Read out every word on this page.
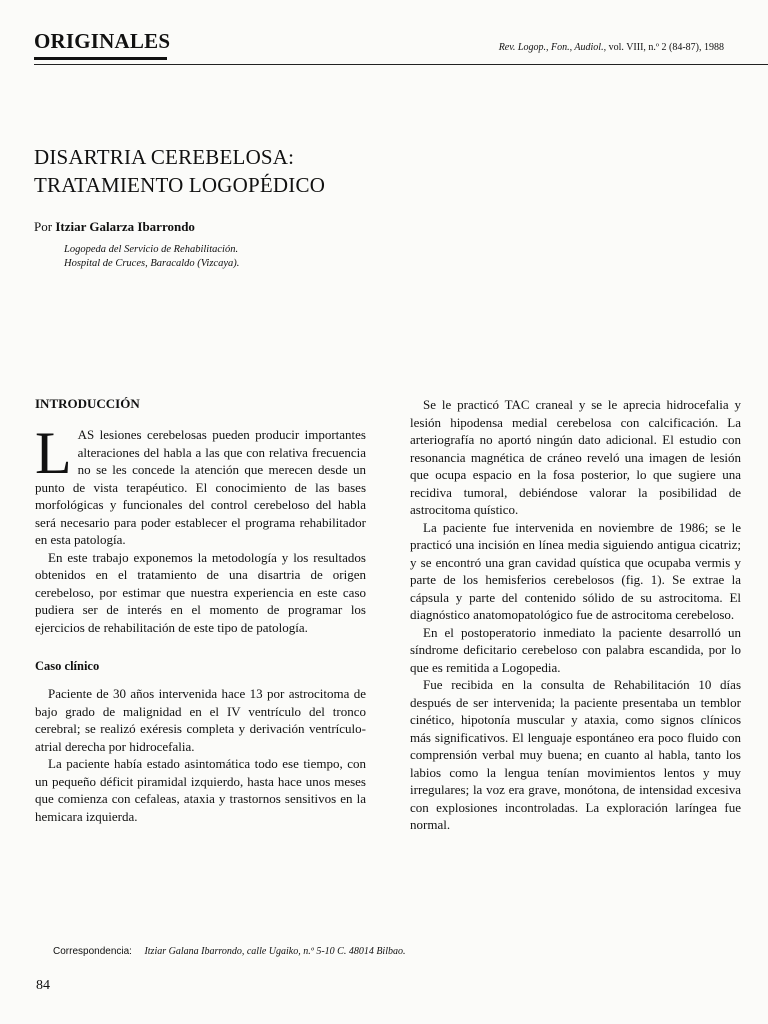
ORIGINALES	Rev. Logop., Fon., Audiol., vol. VIII, n.º 2 (84-87), 1988
DISARTRIA CEREBELOSA:
TRATAMIENTO LOGOPÉDICO
Por Itziar Galarza Ibarrondo
Logopeda del Servicio de Rehabilitación.
Hospital de Cruces, Baracaldo (Vizcaya).
INTRODUCCIÓN

LAS lesiones cerebelosas pueden producir importantes alteraciones del habla a las que con relativa frecuencia no se les concede la atención que merecen desde un punto de vista terapéutico. El conocimiento de las bases morfológicas y funcionales del control cerebeloso del habla será necesario para poder establecer el programa rehabilitador en esta patología.

En este trabajo exponemos la metodología y los resultados obtenidos en el tratamiento de una disartria de origen cerebeloso, por estimar que nuestra experiencia en este caso pudiera ser de interés en el momento de programar los ejercicios de rehabilitación de este tipo de patología.

Caso clínico

Paciente de 30 años intervenida hace 13 por astrocitoma de bajo grado de malignidad en el IV ventrículo del tronco cerebral; se realizó exéresis completa y derivación ventrículo-atrial derecha por hidrocefalia.

La paciente había estado asintomática todo ese tiempo, con un pequeño déficit piramidal izquierdo, hasta hace unos meses que comienza con cefaleas, ataxia y trastornos sensitivos en la hemicara izquierda.

Se le practicó TAC craneal y se le aprecia hidrocefalia y lesión hipodensa medial cerebelosa con calcificación. La arteriografía no aportó ningún dato adicional. El estudio con resonancia magnética de cráneo reveló una imagen de lesión que ocupa espacio en la fosa posterior, lo que sugiere una recidiva tumoral, debiéndose valorar la posibilidad de astrocitoma quístico.

La paciente fue intervenida en noviembre de 1986; se le practicó una incisión en línea media siguiendo antigua cicatriz; y se encontró una gran cavidad quística que ocupaba vermis y parte de los hemisferios cerebelosos (fig. 1). Se extrae la cápsula y parte del contenido sólido de su astrocitoma. El diagnóstico anatomopatológico fue de astrocitoma cerebeloso.

En el postoperatorio inmediato la paciente desarrolló un síndrome deficitario cerebeloso con palabra escandida, por lo que es remitida a Logopedia.

Fue recibida en la consulta de Rehabilitación 10 días después de ser intervenida; la paciente presentaba un temblor cinético, hipotonía muscular y ataxia, como signos clínicos más significativos. El lenguaje espontáneo era poco fluido con comprensión verbal muy buena; en cuanto al habla, tanto los labios como la lengua tenían movimientos lentos y muy irregulares; la voz era grave, monótona, de intensidad excesiva con explosiones incontroladas. La exploración laríngea fue normal.

Correspondencia: Itziar Galana Ibarrondo, calle Ugaiko, n.º 5-10 C. 48014 Bilbao.
84
